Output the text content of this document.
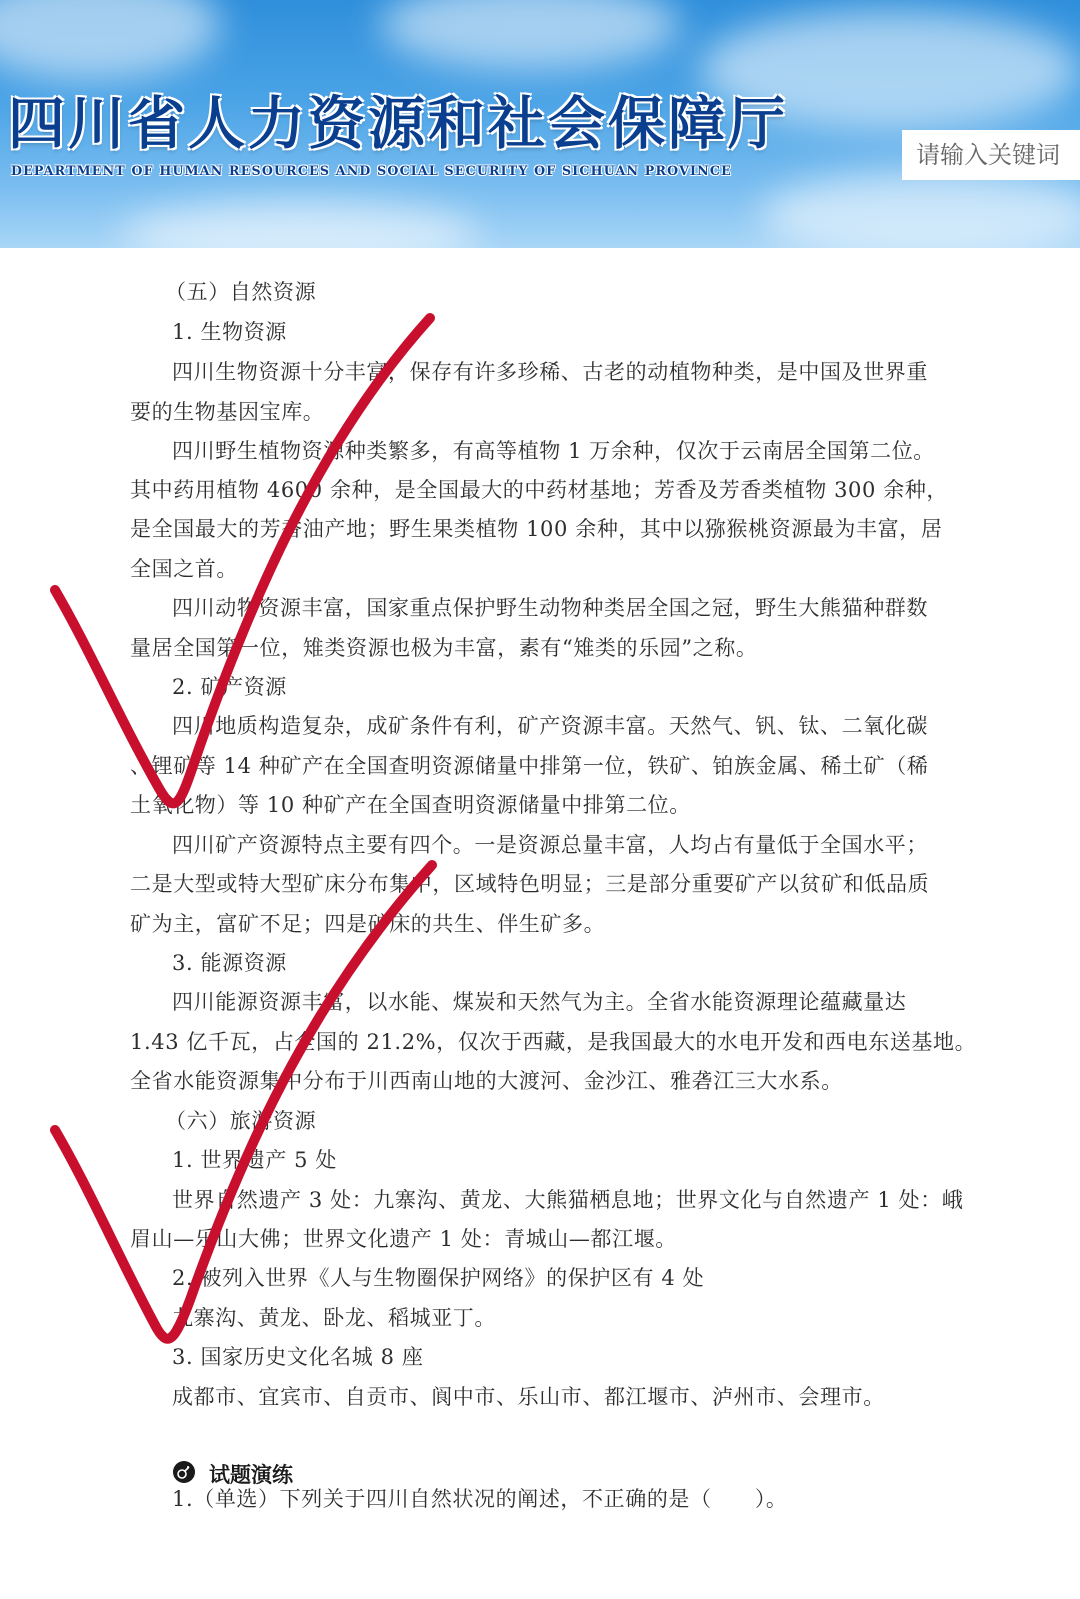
四川省人力资源和社会保障厅
DEPARTMENT OF HUMAN RESOURCES AND SOCIAL SECURITY OF SICHUAN PROVINCE
请输入关键词
（五）自然资源
1. 生物资源
四川生物资源十分丰富，保存有许多珍稀、古老的动植物种类，是中国及世界重
要的生物基因宝库。
四川野生植物资源种类繁多，有高等植物 1 万余种，仅次于云南居全国第二位。
其中药用植物 4600 余种，是全国最大的中药材基地；芳香及芳香类植物 300 余种，
是全国最大的芳香油产地；野生果类植物 100 余种，其中以猕猴桃资源最为丰富，居
全国之首。
四川动物资源丰富，国家重点保护野生动物种类居全国之冠，野生大熊猫种群数
量居全国第一位，雉类资源也极为丰富，素有“雉类的乐园”之称。
2. 矿产资源
四川地质构造复杂，成矿条件有利，矿产资源丰富。天然气、钒、钛、二氧化碳
、锂矿等 14 种矿产在全国查明资源储量中排第一位，铁矿、铂族金属、稀土矿（稀
土氧化物）等 10 种矿产在全国查明资源储量中排第二位。
四川矿产资源特点主要有四个。一是资源总量丰富，人均占有量低于全国水平；
二是大型或特大型矿床分布集中，区域特色明显；三是部分重要矿产以贫矿和低品质
矿为主，富矿不足；四是矿床的共生、伴生矿多。
3. 能源资源
四川能源资源丰富，以水能、煤炭和天然气为主。全省水能资源理论蕴藏量达
1.43 亿千瓦，占全国的 21.2%，仅次于西藏，是我国最大的水电开发和西电东送基地。
全省水能资源集中分布于川西南山地的大渡河、金沙江、雅砻江三大水系。
（六）旅游资源
1. 世界遗产 5 处
世界自然遗产 3 处：九寨沟、黄龙、大熊猫栖息地；世界文化与自然遗产 1 处：峨
眉山—乐山大佛；世界文化遗产 1 处：青城山—都江堰。
2. 被列入世界《人与生物圈保护网络》的保护区有 4 处
九寨沟、黄龙、卧龙、稻城亚丁。
3. 国家历史文化名城 8 座
成都市、宜宾市、自贡市、阆中市、乐山市、都江堰市、泸州市、会理市。
试题演练
1.（单选）下列关于四川自然状况的阐述，不正确的是（　　）。
